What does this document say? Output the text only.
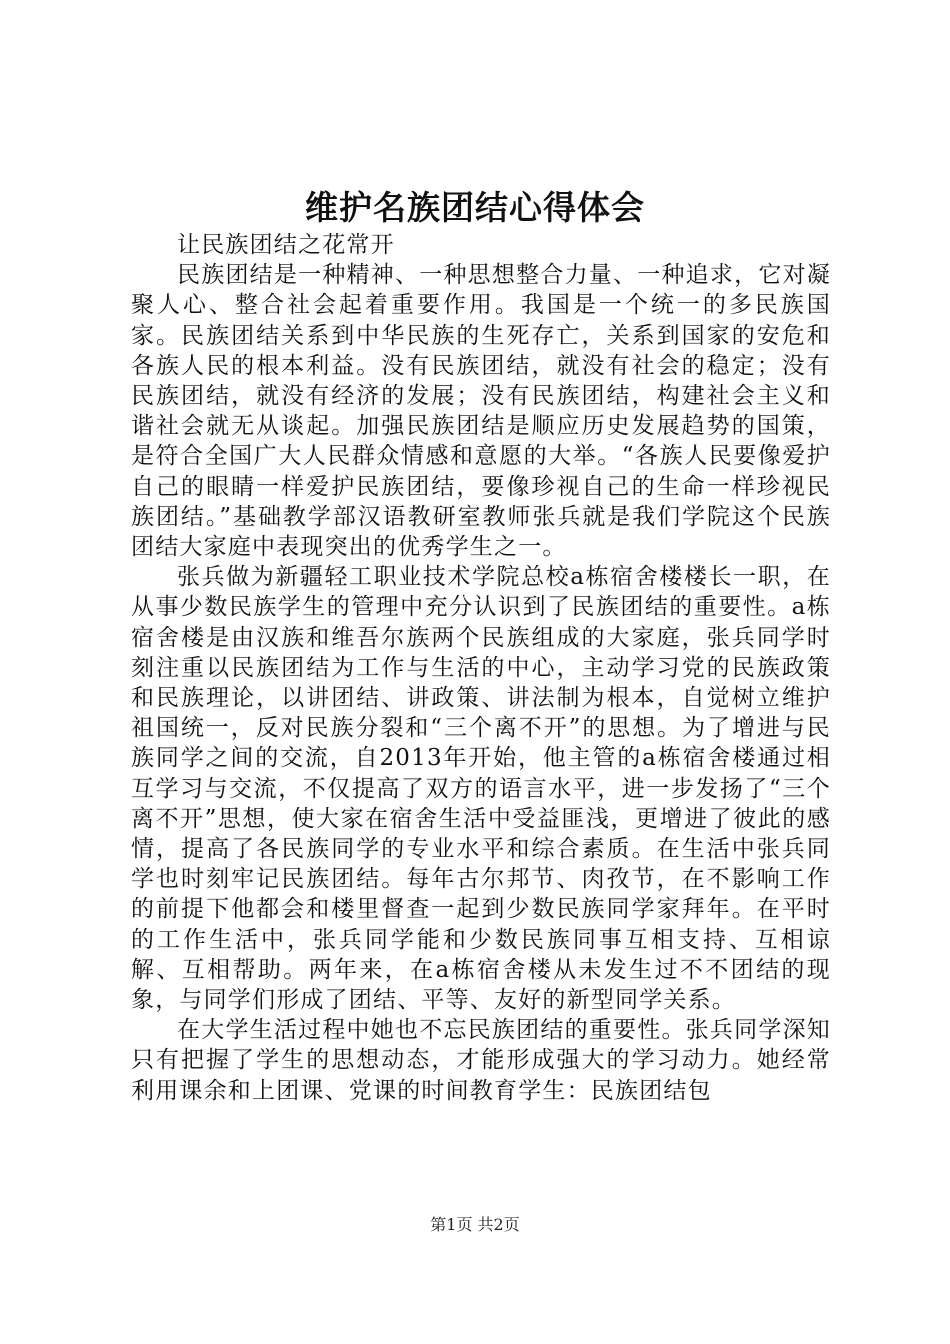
维护名族团结心得体会

让民族团结之花常开

民族团结是一种精神、一种思想整合力量、一种追求，它对凝聚人心、整合社会起着重要作用。我国是一个统一的多民族国家。民族团结关系到中华民族的生死存亡，关系到国家的安危和各族人民的根本利益。没有民族团结，就没有社会的稳定；没有民族团结，就没有经济的发展；没有民族团结，构建社会主义和谐社会就无从谈起。加强民族团结是顺应历史发展趋势的国策，是符合全国广大人民群众情感和意愿的大举。“各族人民要像爱护自己的眼睛一样爱护民族团结，要像珍视自己的生命一样珍视民族团结。”基础教学部汉语教研室教师张兵就是我们学院这个民族团结大家庭中表现突出的优秀学生之一。

张兵做为新疆轻工职业技术学院总校a栋宿舍楼楼长一职，在从事少数民族学生的管理中充分认识到了民族团结的重要性。a栋宿舍楼是由汉族和维吾尔族两个民族组成的大家庭，张兵同学时刻注重以民族团结为工作与生活的中心，主动学习党的民族政策和民族理论，以讲团结、讲政策、讲法制为根本，自觉树立维护祖国统一，反对民族分裂和“三个离不开”的思想。为了增进与民族同学之间的交流，自2013年开始，他主管的a栋宿舍楼通过相互学习与交流，不仅提高了双方的语言水平，进一步发扬了“三个离不开”思想，使大家在宿舍生活中受益匪浅，更增进了彼此的感情，提高了各民族同学的专业水平和综合素质。在生活中张兵同学也时刻牢记民族团结。每年古尔邦节、肉孜节，在不影响工作的前提下他都会和楼里督查一起到少数民族同学家拜年。在平时的工作生活中，张兵同学能和少数民族同事互相支持、互相谅解、互相帮助。两年来，在a栋宿舍楼从未发生过不不团结的现象，与同学们形成了团结、平等、友好的新型同学关系。

在大学生活过程中她也不忘民族团结的重要性。张兵同学深知只有把握了学生的思想动态，才能形成强大的学习动力。她经常利用课余和上团课、党课的时间教育学生：民族团结包

第1页 共2页
